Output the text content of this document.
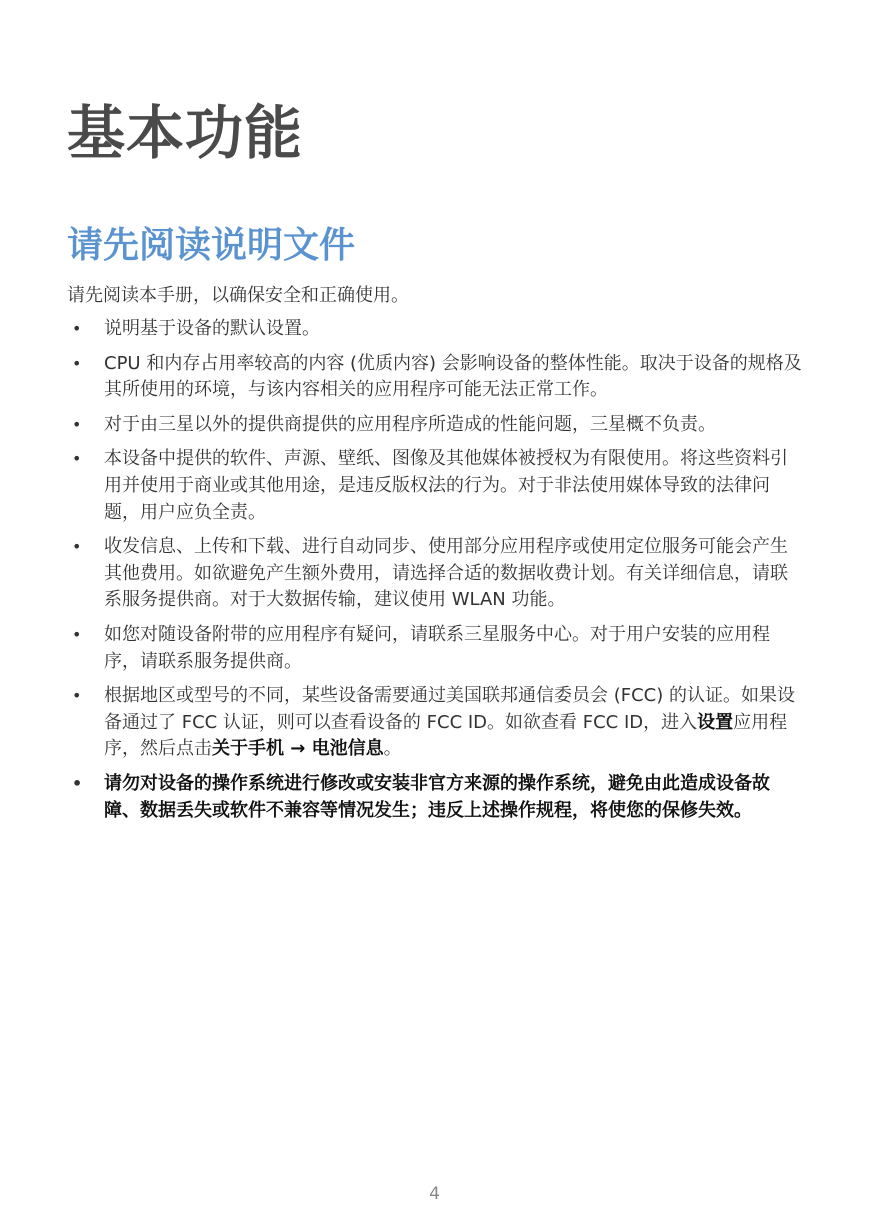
基本功能
请先阅读说明文件

请先阅读本手册，以确保安全和正确使用。

• 说明基于设备的默认设置。
• CPU 和内存占用率较高的内容 (优质内容) 会影响设备的整体性能。取决于设备的规格及其所使用的环境，与该内容相关的应用程序可能无法正常工作。
• 对于由三星以外的提供商提供的应用程序所造成的性能问题，三星概不负责。
• 本设备中提供的软件、声源、壁纸、图像及其他媒体被授权为有限使用。将这些资料引用并使用于商业或其他用途，是违反版权法的行为。对于非法使用媒体导致的法律问题，用户应负全责。
• 收发信息、上传和下载、进行自动同步、使用部分应用程序或使用定位服务可能会产生其他费用。如欲避免产生额外费用，请选择合适的数据收费计划。有关详细信息，请联系服务提供商。对于大数据传输，建议使用 WLAN 功能。
• 如您对随设备附带的应用程序有疑问，请联系三星服务中心。对于用户安装的应用程序，请联系服务提供商。
• 根据地区或型号的不同，某些设备需要通过美国联邦通信委员会 (FCC) 的认证。如果设备通过了 FCC 认证，则可以查看设备的 FCC ID。如欲查看 FCC ID，进入设置应用程序，然后点击关于手机 → 电池信息。
• 请勿对设备的操作系统进行修改或安装非官方来源的操作系统，避免由此造成设备故障、数据丢失或软件不兼容等情况发生；违反上述操作规程，将使您的保修失效。
4
